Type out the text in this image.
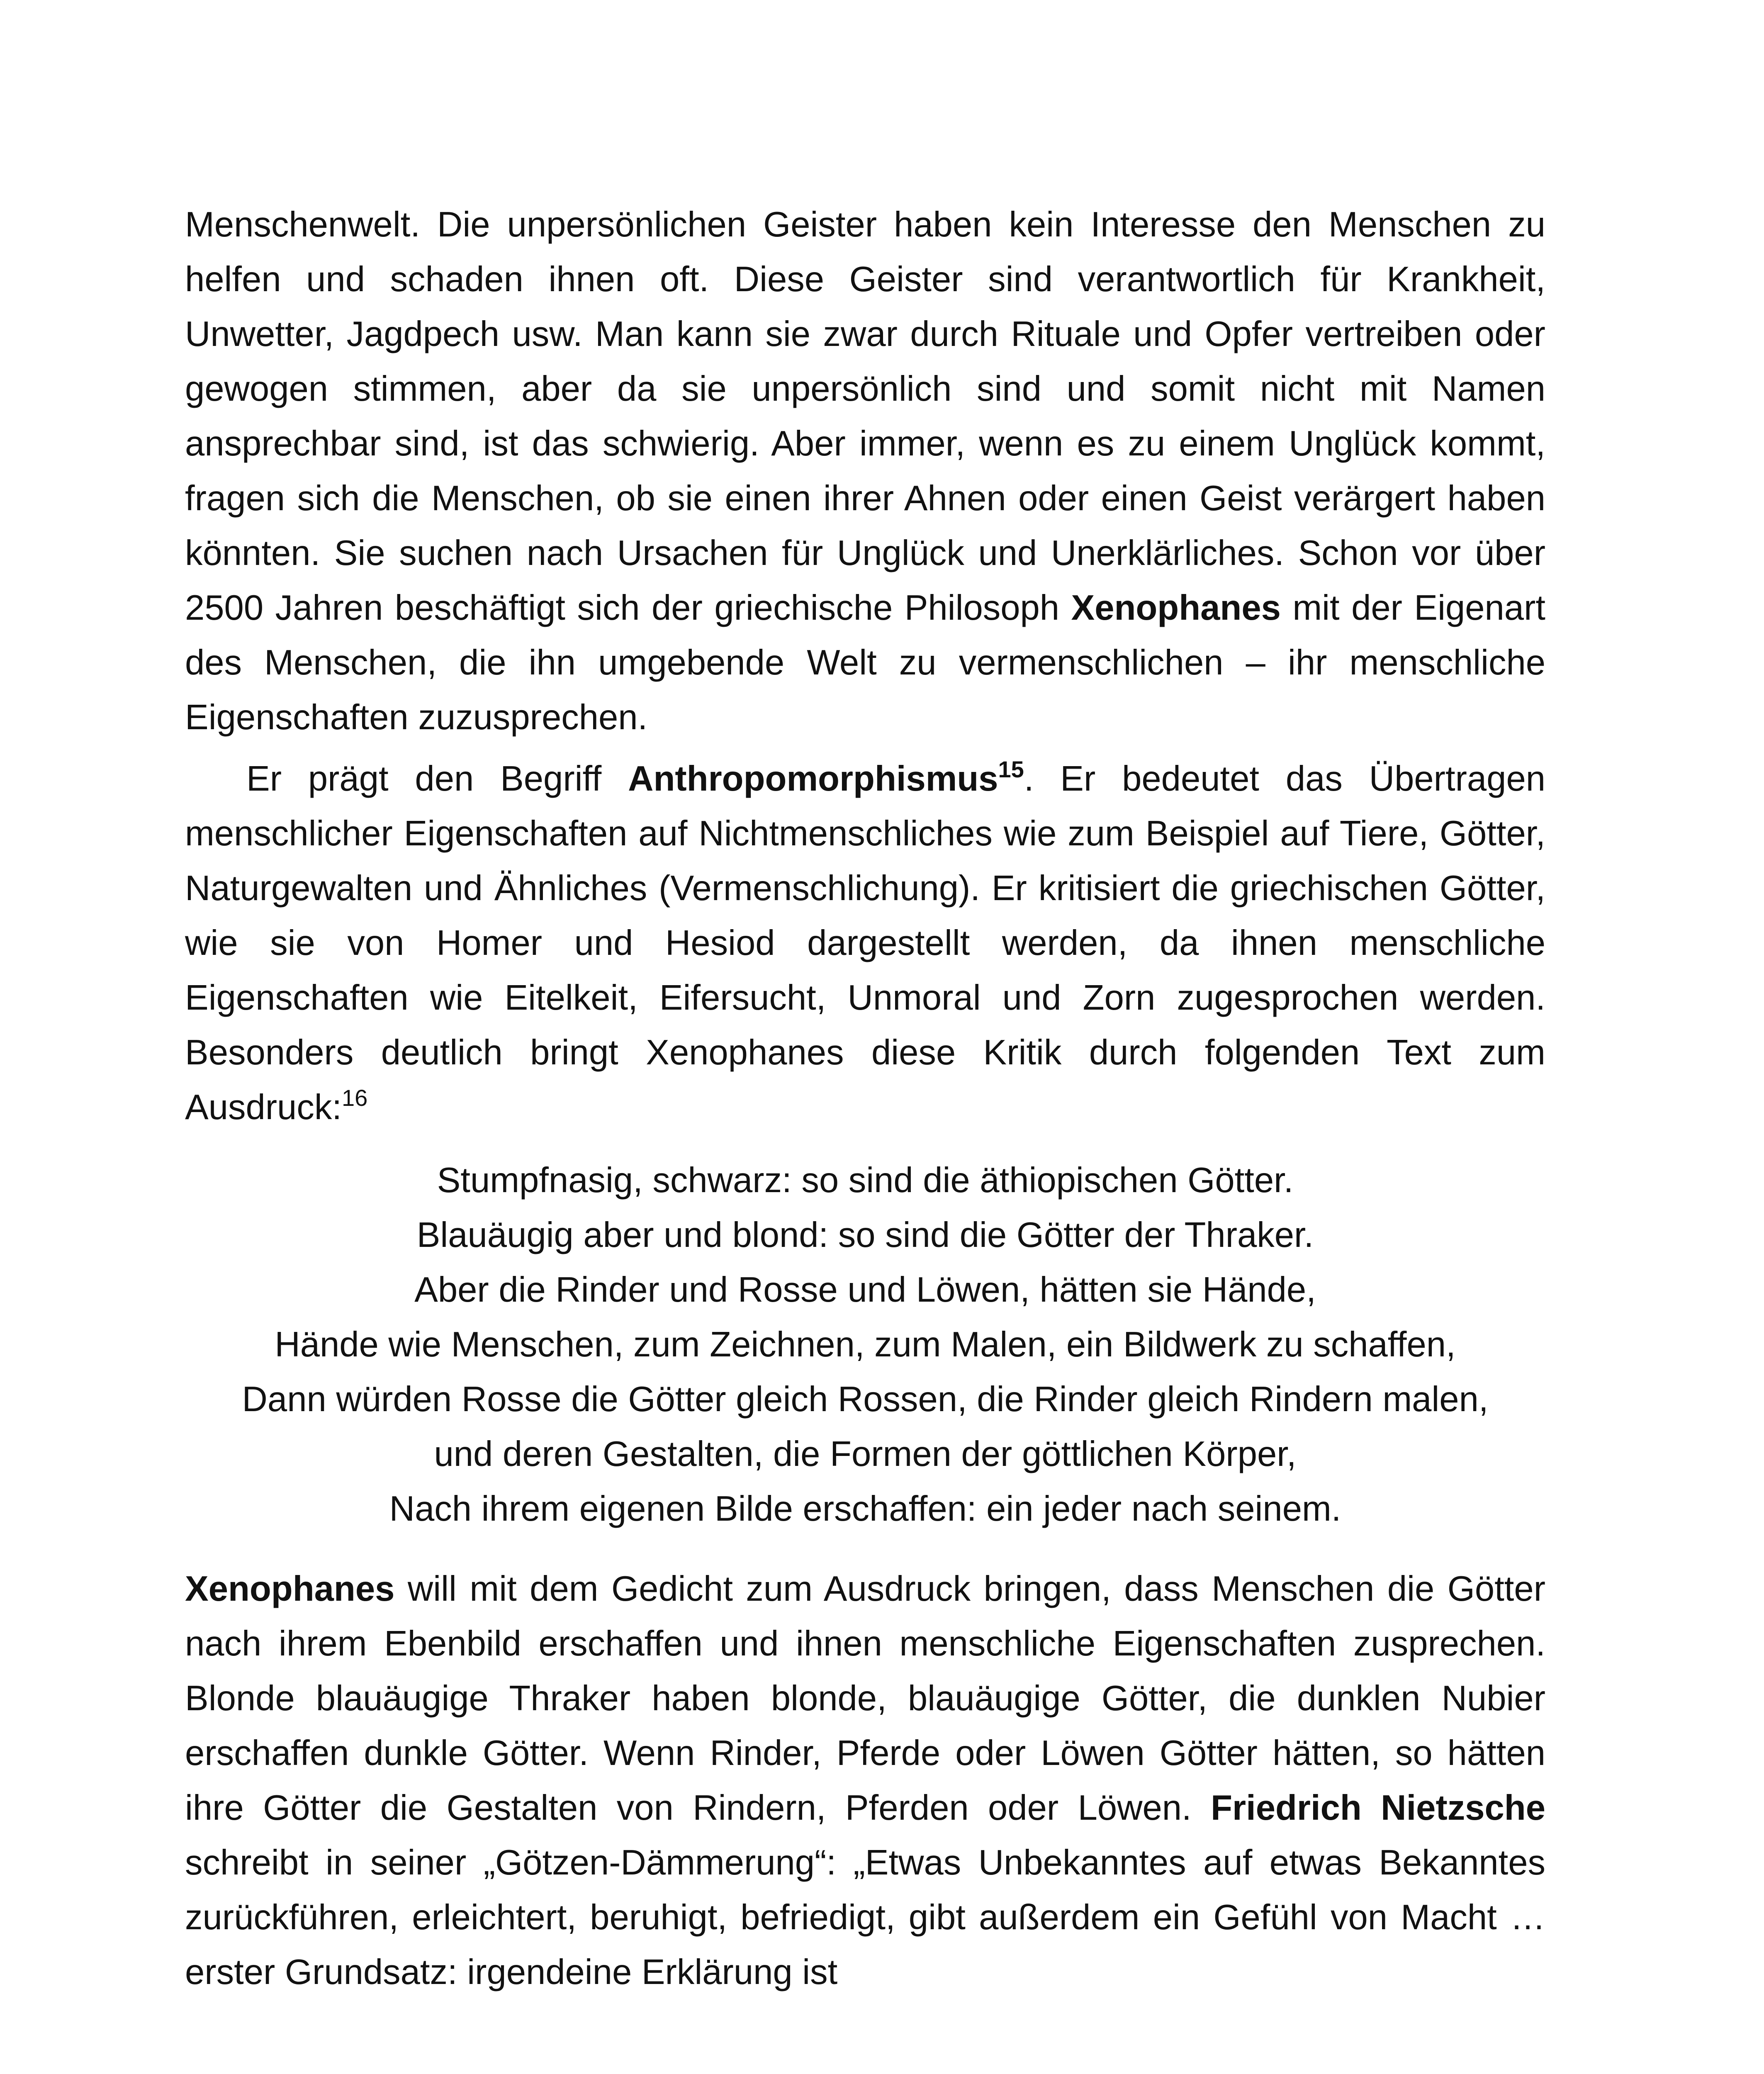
Menschenwelt. Die unpersönlichen Geister haben kein Interesse den Menschen zu helfen und schaden ihnen oft. Diese Geister sind verantwortlich für Krankheit, Unwetter, Jagdpech usw. Man kann sie zwar durch Rituale und Opfer vertreiben oder gewogen stimmen, aber da sie unpersönlich sind und somit nicht mit Namen ansprechbar sind, ist das schwierig. Aber immer, wenn es zu einem Unglück kommt, fragen sich die Menschen, ob sie einen ihrer Ahnen oder einen Geist verärgert haben könnten. Sie suchen nach Ursachen für Unglück und Unerklärliches. Schon vor über 2500 Jahren beschäftigt sich der griechische Philosoph Xenophanes mit der Eigenart des Menschen, die ihn umgebende Welt zu vermenschlichen – ihr menschliche Eigenschaften zuzusprechen.

Er prägt den Begriff Anthropomorphismus$^{15}$. Er bedeutet das Übertragen menschlicher Eigenschaften auf Nichtmenschliches wie zum Beispiel auf Tiere, Götter, Naturgewalten und Ähnliches (Vermenschlichung). Er kritisiert die griechischen Götter, wie sie von Homer und Hesiod dargestellt werden, da ihnen menschliche Eigenschaften wie Eitelkeit, Eifersucht, Unmoral und Zorn zugesprochen werden. Besonders deutlich bringt Xenophanes diese Kritik durch folgenden Text zum Ausdruck:$^{16}$

Stumpfnasig, schwarz: so sind die äthiopischen Götter.
Blauäugig aber und blond: so sind die Götter der Thraker.
Aber die Rinder und Rosse und Löwen, hätten sie Hände,
Hände wie Menschen, zum Zeichnen, zum Malen, ein Bildwerk zu schaffen,
Dann würden Rosse die Götter gleich Rossen, die Rinder gleich Rindern malen,
und deren Gestalten, die Formen der göttlichen Körper,
Nach ihrem eigenen Bilde erschaffen: ein jeder nach seinem.

Xenophanes will mit dem Gedicht zum Ausdruck bringen, dass Menschen die Götter nach ihrem Ebenbild erschaffen und ihnen menschliche Eigenschaften zusprechen. Blonde blauäugige Thraker haben blonde, blauäugige Götter, die dunklen Nubier erschaffen dunkle Götter. Wenn Rinder, Pferde oder Löwen Götter hätten, so hätten ihre Götter die Gestalten von Rindern, Pferden oder Löwen. Friedrich Nietzsche schreibt in seiner „Götzen-Dämmerung“: „Etwas Unbekanntes auf etwas Bekanntes zurückführen, erleichtert, beruhigt, befriedigt, gibt außerdem ein Gefühl von Macht … erster Grundsatz: irgendeine Erklärung ist
